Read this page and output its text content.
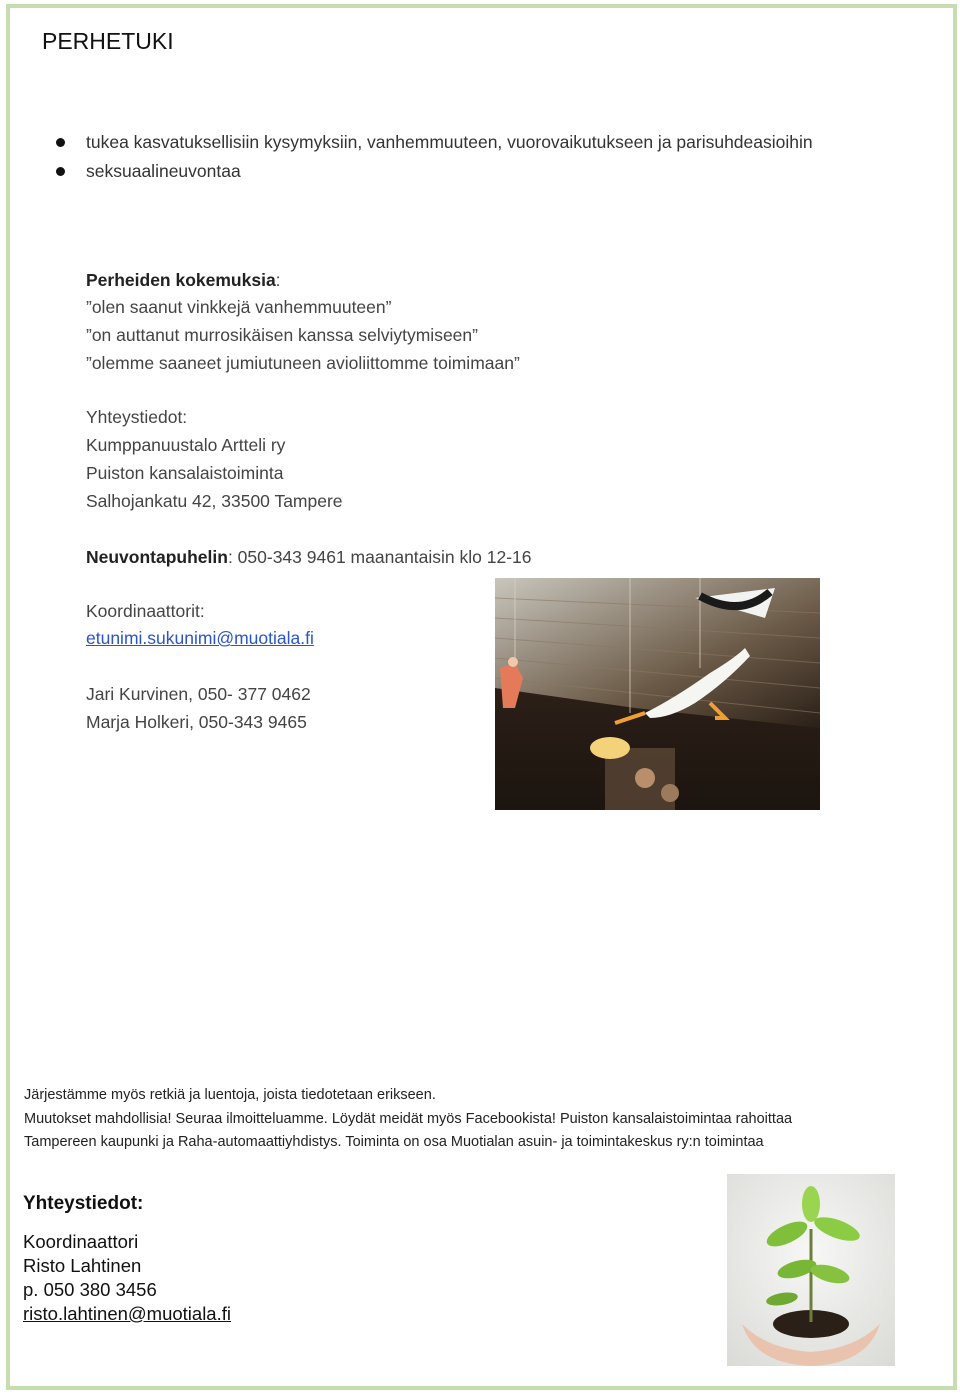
PERHETUKI
tukea kasvatuksellisiin kysymyksiin, vanhemmuuteen, vuorovaikutukseen ja parisuhdeasioihin
seksuaalineuvontaa
Perheiden kokemuksia:
”olen saanut vinkkejä vanhemmuuteen”
”on auttanut murrosikäisen kanssa selviytymiseen”
”olemme saaneet jumiutuneen avioliittomme toimimaan”
Yhteystiedot:
Kumppanuustalo Artteli ry
Puiston kansalaistoiminta
Salhojankatu 42, 33500 Tampere
Neuvontapuhelin: 050-343 9461 maanantaisin klo 12-16
Koordinaattorit:
etunimi.sukunimi@muotiala.fi
Jari Kurvinen, 050- 377 0462
Marja Holkeri, 050-343 9465
Järjestämme myös retkiä ja luentoja, joista tiedotetaan erikseen.
Muutokset mahdollisia! Seuraa ilmoitteluamme. Löydät meidät myös Facebookista! Puiston kansalaistoimintaa rahoittaa
Tampereen kaupunki ja Raha-automaattiyhdistys. Toiminta on osa Muotialan asuin- ja toimintakeskus ry:n toimintaa
Yhteystiedot:
Koordinaattori
Risto Lahtinen
p. 050 380 3456
risto.lahtinen@muotiala.fi
